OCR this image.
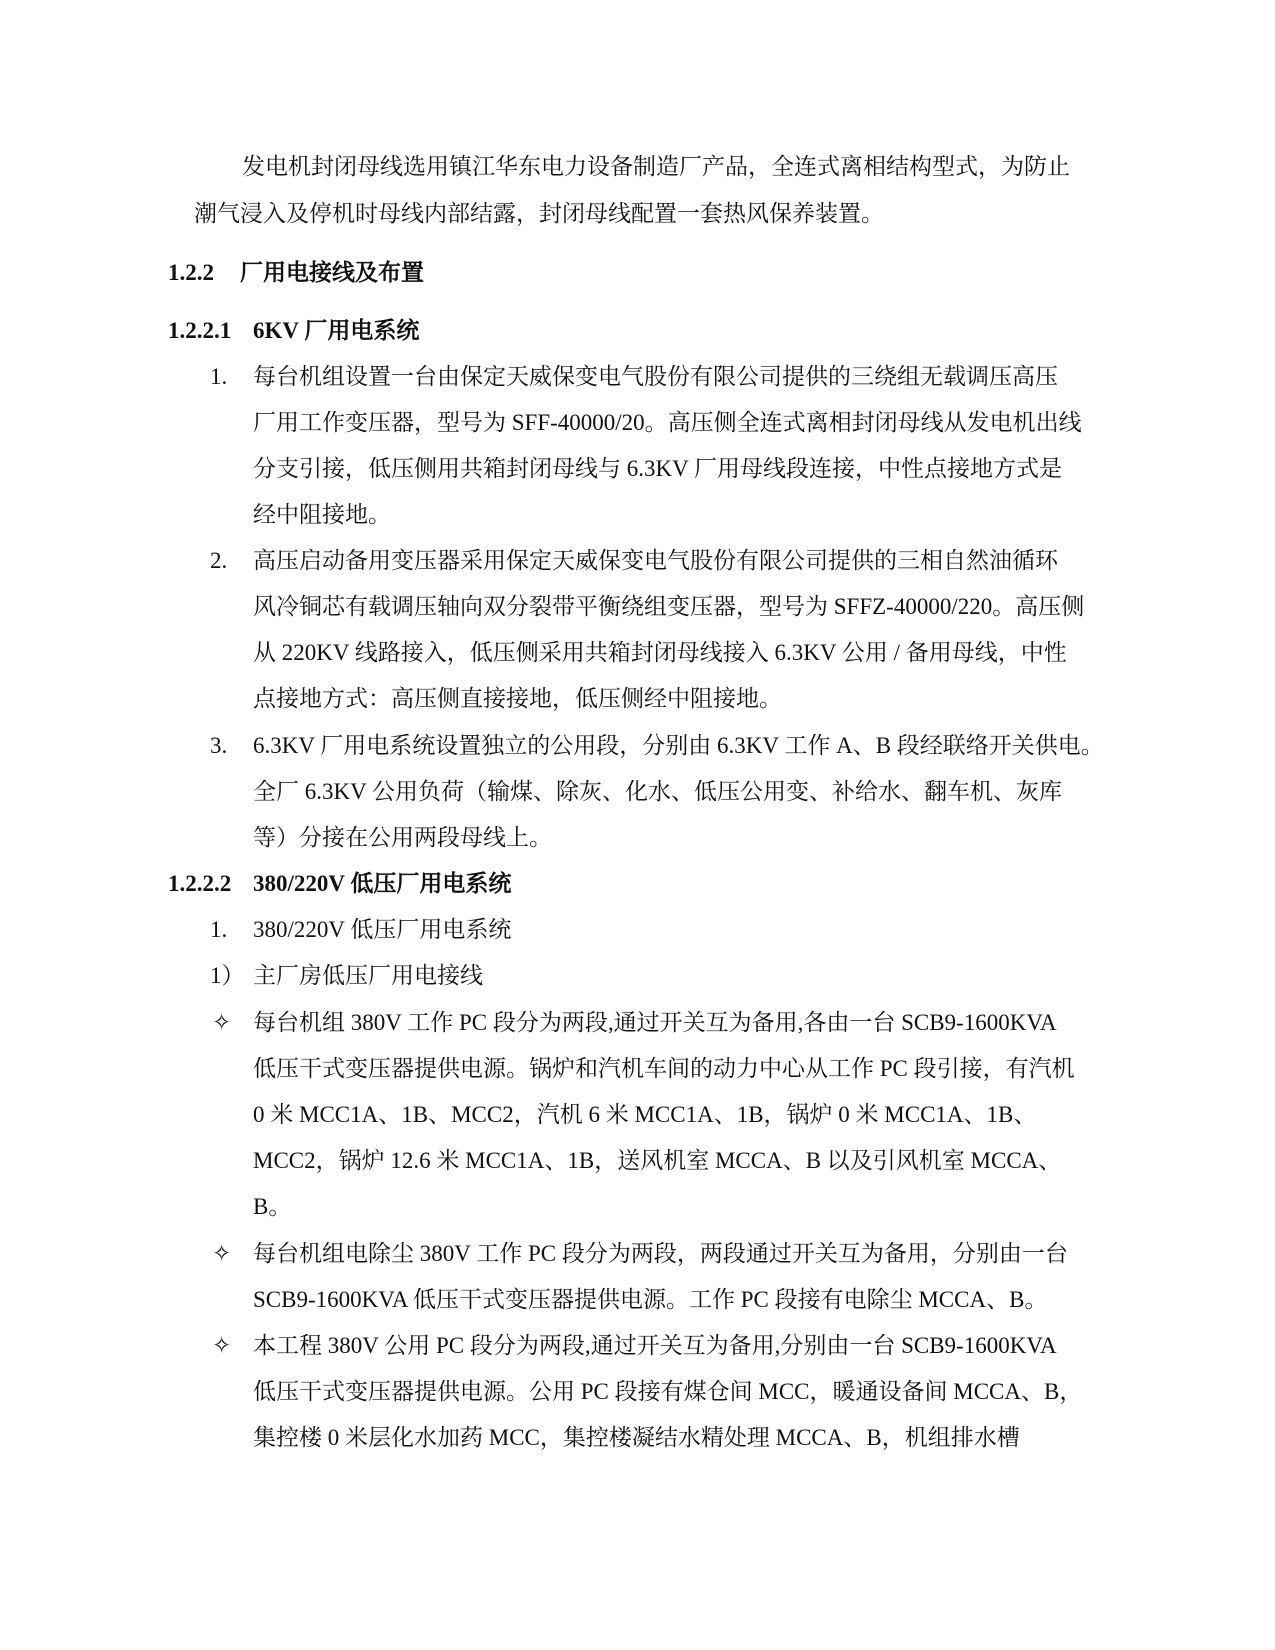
发电机封闭母线选用镇江华东电力设备制造厂产品，全连式离相结构型式，为防止
潮气浸入及停机时母线内部结露，封闭母线配置一套热风保养装置。
1.2.2 厂用电接线及布置
1.2.2.1 6KV 厂用电系统
1. 每台机组设置一台由保定天威保变电气股份有限公司提供的三绕组无载调压高压
厂用工作变压器，型号为 SFF-40000/20。高压侧全连式离相封闭母线从发电机出线
分支引接，低压侧用共箱封闭母线与 6.3KV 厂用母线段连接，中性点接地方式是
经中阻接地。
2. 高压启动备用变压器采用保定天威保变电气股份有限公司提供的三相自然油循环
风冷铜芯有载调压轴向双分裂带平衡绕组变压器，型号为 SFFZ-40000/220。高压侧
从 220KV 线路接入，低压侧采用共箱封闭母线接入 6.3KV 公用 / 备用母线，中性
点接地方式：高压侧直接接地，低压侧经中阻接地。
3. 6.3KV 厂用电系统设置独立的公用段，分别由 6.3KV 工作 A、B 段经联络开关供电。
全厂 6.3KV 公用负荷（输煤、除灰、化水、低压公用变、补给水、翻车机、灰库
等）分接在公用两段母线上。
1.2.2.2 380/220V 低压厂用电系统
1. 380/220V 低压厂用电系统
1） 主厂房低压厂用电接线
✧ 每台机组 380V 工作 PC 段分为两段,通过开关互为备用,各由一台 SCB9-1600KVA
低压干式变压器提供电源。锅炉和汽机车间的动力中心从工作 PC 段引接，有汽机
0 米 MCC1A、1B、MCC2，汽机 6 米 MCC1A、1B，锅炉 0 米 MCC1A、1B、
MCC2，锅炉 12.6 米 MCC1A、1B，送风机室 MCCA、B 以及引风机室 MCCA、
B。
✧ 每台机组电除尘 380V 工作 PC 段分为两段，两段通过开关互为备用，分别由一台
SCB9-1600KVA 低压干式变压器提供电源。工作 PC 段接有电除尘 MCCA、B。
✧ 本工程 380V 公用 PC 段分为两段,通过开关互为备用,分别由一台 SCB9-1600KVA
低压干式变压器提供电源。公用 PC 段接有煤仓间 MCC，暖通设备间 MCCA、B，
集控楼 0 米层化水加药 MCC，集控楼凝结水精处理 MCCA、B，机组排水槽
